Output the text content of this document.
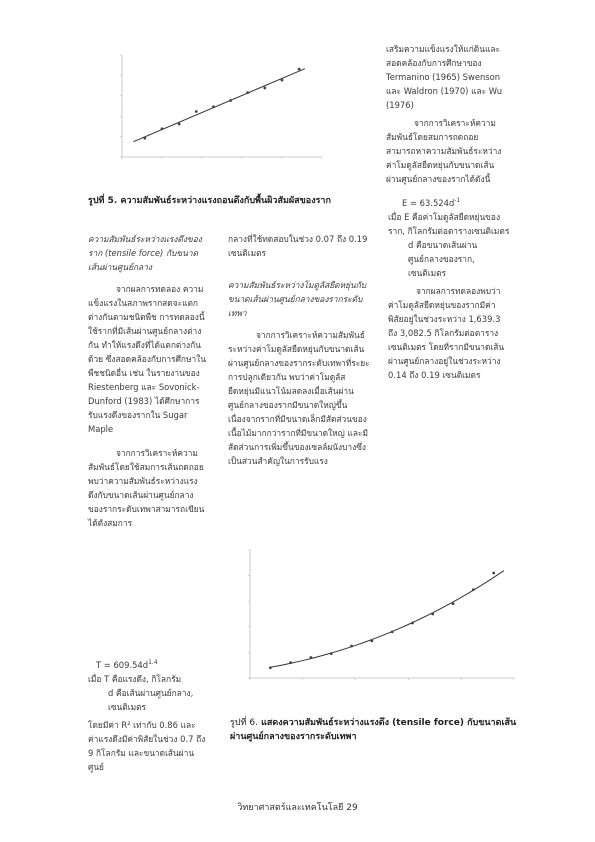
รูปที่ 5. ความสัมพันธ์ระหว่างแรงถอนดึงกับพื้นผิวสัมผัสของราก

เสริมความแข็งแรงให้แก่ดินและสอดคล้องกับการศึกษาของ Termanino (1965) Swenson และ Waldron (1970) และ Wu (1976)

จากการวิเคราะห์ความสัมพันธ์โดยสมการถดถอยสามารถหาความสัมพันธ์ระหว่างค่าโมดูลัสยืดหยุ่นกับขนาดเส้นผ่านศูนย์กลางของรากได้ดังนี้

$E = 63.524d^{-1}$

เมื่อ E คือค่าโมดูลัสยืดหยุ่นของราก, กิโลกรัมต่อตารางเซนติเมตร

d คือขนาดเส้นผ่านศูนย์กลางของราก, เซนติเมตร

จากผลการทดลองพบว่าค่าโมดูลัสยืดหยุ่นของรากมีค่าพิสัยอยู่ในช่วงระหว่าง 1,639.3 ถึง 3,082.5 กิโลกรัมต่อตารางเซนติเมตร โดยที่รากมีขนาดเส้นผ่านศูนย์กลางอยู่ในช่วงระหว่าง 0.14 ถึง 0.19 เซนติเมตร

ความสัมพันธ์ระหว่างแรงดึงของราก (tensile force) กับขนาดเส้นผ่านศูนย์กลาง

จากผลการทดลอง ความแข็งแรงในสภาพรากสดจะแตกต่างกันตามชนิดพืช การทดลองนี้ใช้รากที่มีเส้นผ่านศูนย์กลางต่างกัน ทำให้แรงดึงที่ได้แตกต่างกันด้วย ซึ่งสอดคล้องกับการศึกษาในพืชชนิดอื่น เช่น ในรายงานของ Riestenberg และ Sovonick-Dunford (1983) ได้ศึกษาการรับแรงดึงของรากใน Sugar Maple

จากการวิเคราะห์ความสัมพันธ์โดยใช้สมการเส้นถดถอย พบว่าความสัมพันธ์ระหว่างแรงดึงกับขนาดเส้นผ่านศูนย์กลางของรากระดับเทพาสามารถเขียนได้ดังสมการ

$T = 609.54d^{1.4}$

เมื่อ T คือแรงดึง, กิโลกรัม

d คือเส้นผ่านศูนย์กลาง, เซนติเมตร

โดยมีค่า R² เท่ากับ 0.86 และค่าแรงดึงมีค่าพิสัยในช่วง 0.7 ถึง 9 กิโลกรัม และขนาดเส้นผ่านศูนย์

กลางที่ใช้ทดสอบในช่วง 0.07 ถึง 0.19 เซนติเมตร

ความสัมพันธ์ระหว่างโมดูลัสยืดหยุ่นกับขนาดเส้นผ่านศูนย์กลางของรากระดับเทพา

จากการวิเคราะห์ความสัมพันธ์ระหว่างค่าโมดูลัสยืดหยุ่นกับขนาดเส้นผ่านศูนย์กลางของรากระดับเทพาที่ระยะการปลูกเดียวกัน พบว่าค่าโมดูลัสยืดหยุ่นมีแนวโน้มลดลงเมื่อเส้นผ่านศูนย์กลางของรากมีขนาดใหญ่ขึ้น เนื่องจากรากที่มีขนาดเล็กมีสัดส่วนของเนื้อไม้มากกว่ารากที่มีขนาดใหญ่ และมีสัดส่วนการเพิ่มขึ้นของเซลล์ผนังบางซึ่งเป็นส่วนสำคัญในการรับแรง

รูปที่ 6. แสดงความสัมพันธ์ระหว่างแรงดึง (tensile force) กับขนาดเส้นผ่านศูนย์กลางของรากระดับเทพา
วิทยาศาสตร์และเทคโนโลยี 29
